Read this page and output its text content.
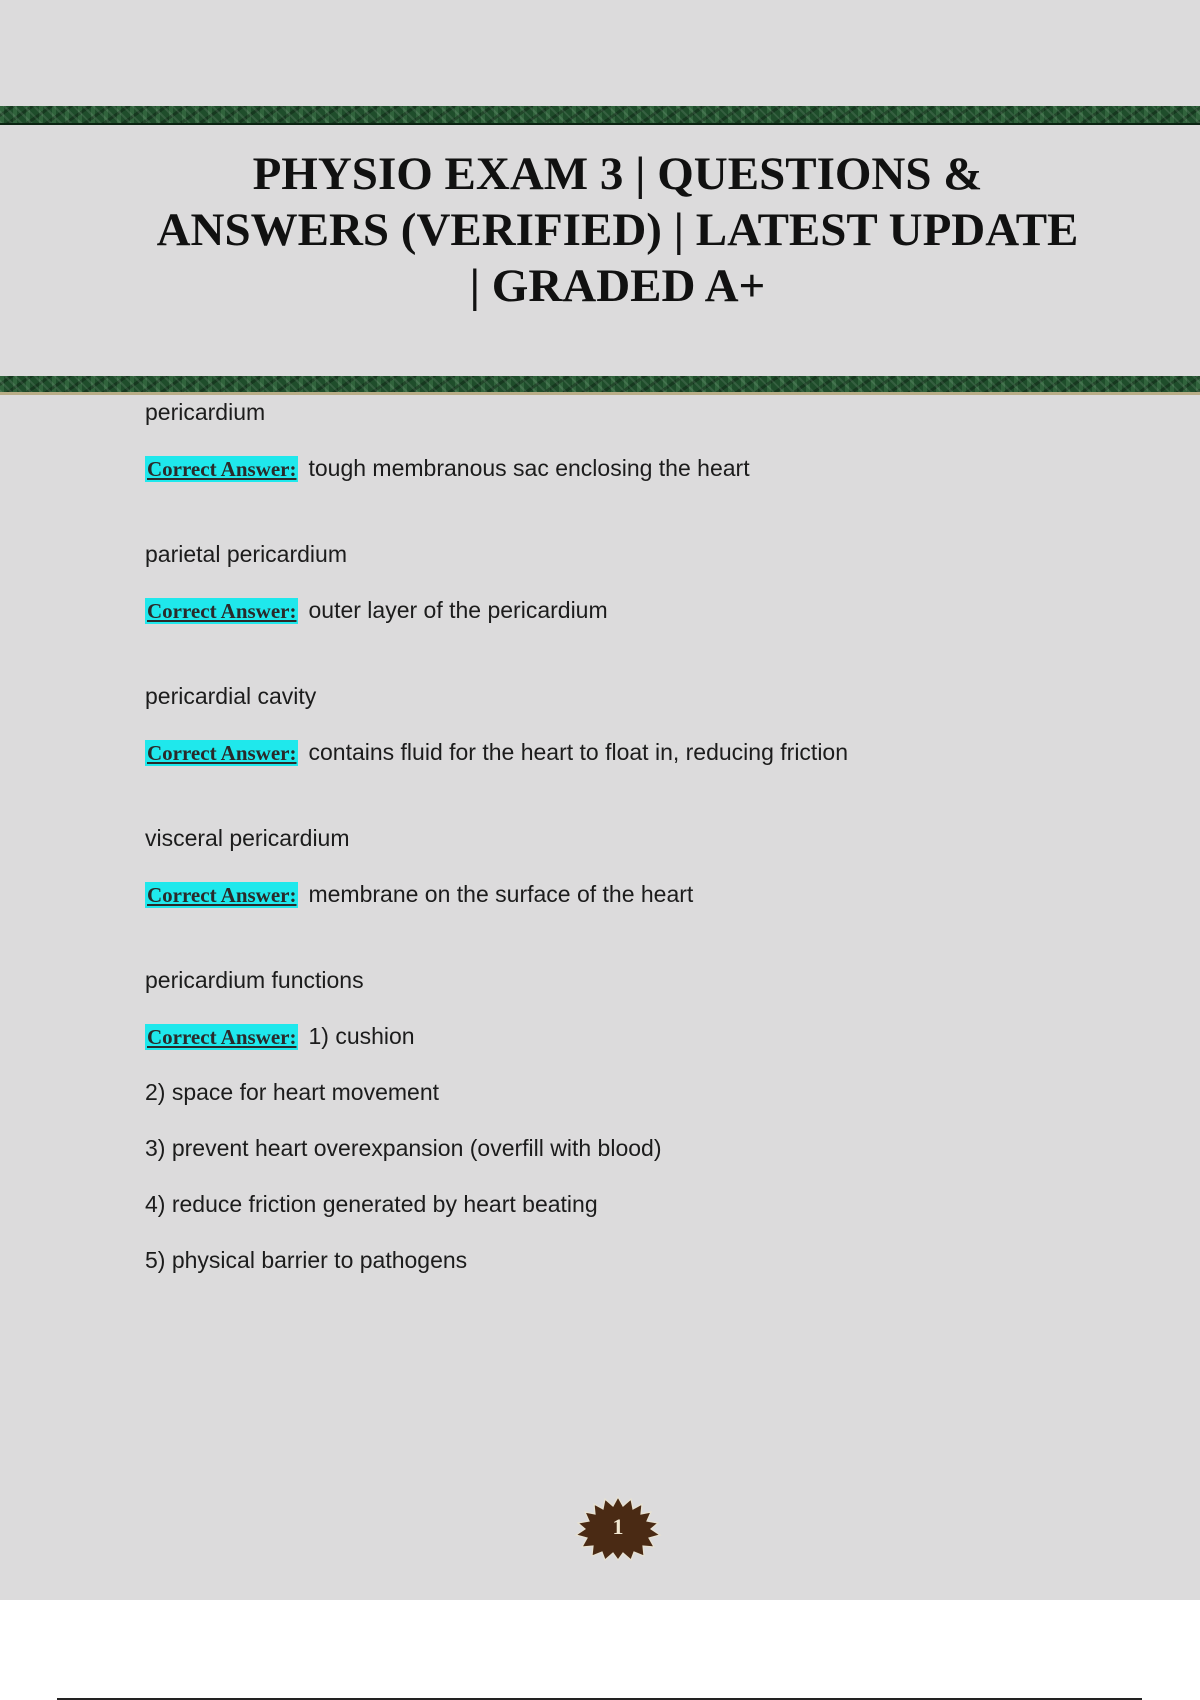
PHYSIO EXAM 3 | QUESTIONS & ANSWERS (VERIFIED) | LATEST UPDATE | GRADED A+
pericardium
Correct Answer: tough membranous sac enclosing the heart
parietal pericardium
Correct Answer: outer layer of the pericardium
pericardial cavity
Correct Answer: contains fluid for the heart to float in, reducing friction
visceral pericardium
Correct Answer: membrane on the surface of the heart
pericardium functions
Correct Answer: 1) cushion
2) space for heart movement
3) prevent heart overexpansion (overfill with blood)
4) reduce friction generated by heart beating
5) physical barrier to pathogens
1
